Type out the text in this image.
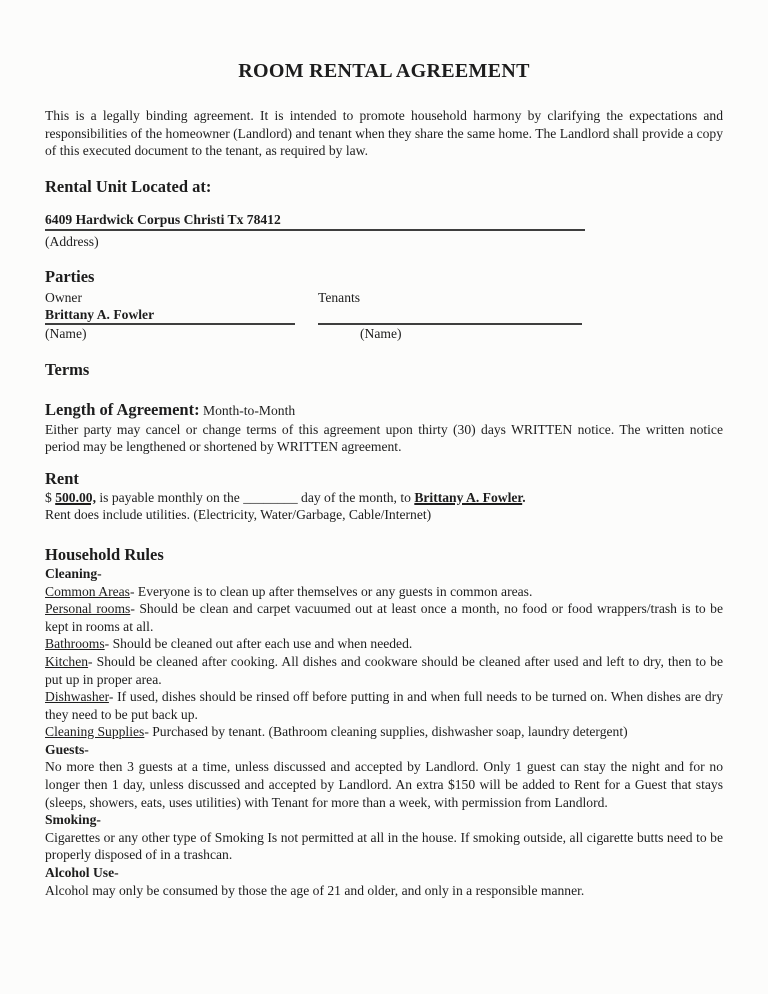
ROOM RENTAL AGREEMENT

This is a legally binding agreement. It is intended to promote household harmony by clarifying the expectations and responsibilities of the homeowner (Landlord) and tenant when they share the same home. The Landlord shall provide a copy of this executed document to the tenant, as required by law.

Rental Unit Located at:
6409 Hardwick Corpus Christi Tx 78412

(Address)

Parties

Owner

Brittany A. Fowler

(Name)

Tenants

(Name)

Terms

Length of Agreement: Month-to-Month

Either party may cancel or change terms of this agreement upon thirty (30) days WRITTEN notice. The written notice period may be lengthened or shortened by WRITTEN agreement.

Rent

$ 500.00, is payable monthly on the ________ day of the month, to Brittany A. Fowler.

Rent does include utilities. (Electricity, Water/Garbage, Cable/Internet)

Household Rules

Cleaning-

Common Areas- Everyone is to clean up after themselves or any guests in common areas.

Personal rooms- Should be clean and carpet vacuumed out at least once a month, no food or food wrappers/trash is to be kept in rooms at all.

Bathrooms- Should be cleaned out after each use and when needed.

Kitchen- Should be cleaned after cooking. All dishes and cookware should be cleaned after used and left to dry, then to be put up in proper area.

Dishwasher- If used, dishes should be rinsed off before putting in and when full needs to be turned on. When dishes are dry they need to be put back up.

Cleaning Supplies- Purchased by tenant. (Bathroom cleaning supplies, dishwasher soap, laundry detergent)

Guests-

No more then 3 guests at a time, unless discussed and accepted by Landlord. Only 1 guest can stay the night and for no longer then 1 day, unless discussed and accepted by Landlord. An extra $150 will be added to Rent for a Guest that stays (sleeps, showers, eats, uses utilities) with Tenant for more than a week, with permission from Landlord.

Smoking-

Cigarettes or any other type of Smoking Is not permitted at all in the house. If smoking outside, all cigarette butts need to be properly disposed of in a trashcan.

Alcohol Use-

Alcohol may only be consumed by those the age of 21 and older, and only in a responsible manner.
